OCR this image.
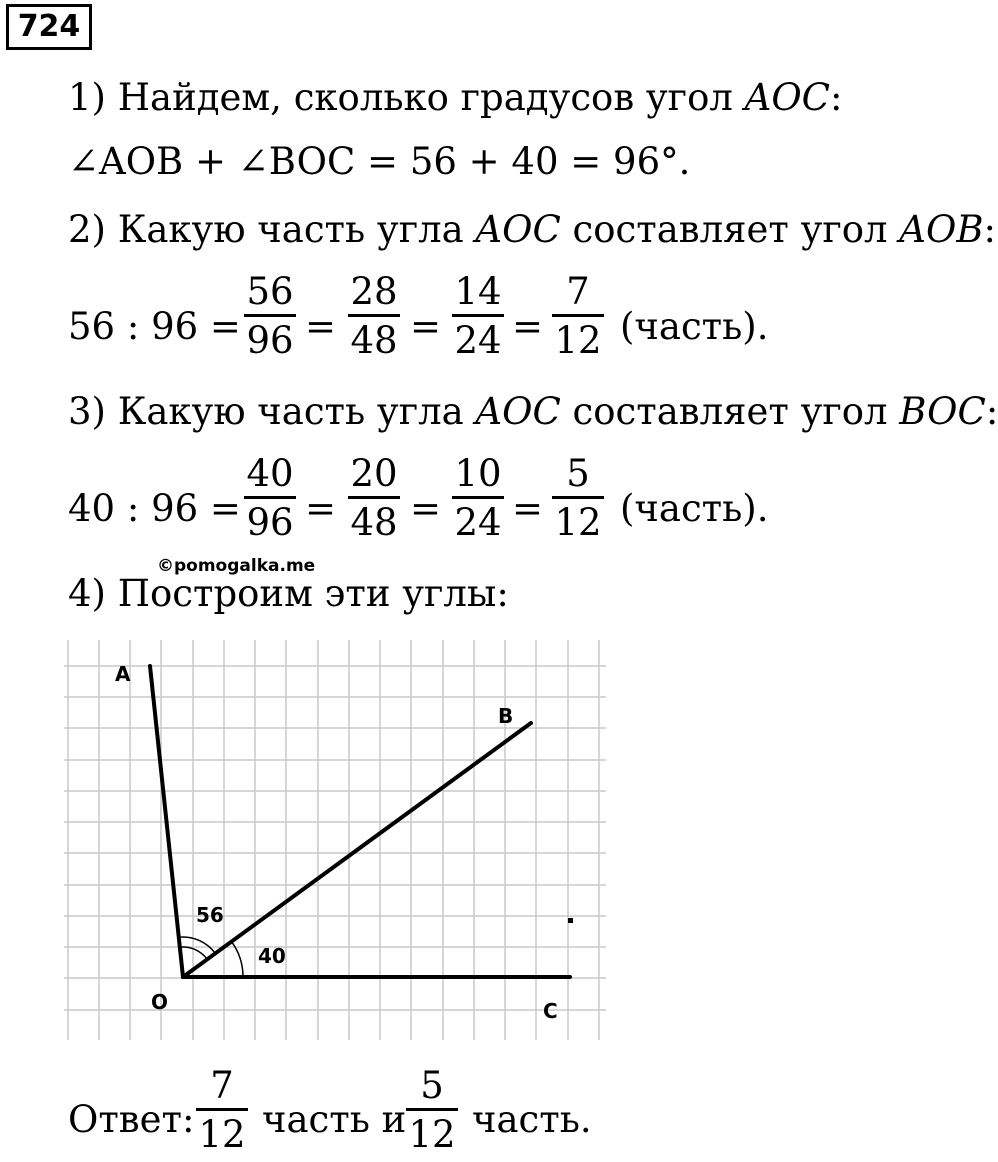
724
1) Найдем, сколько градусов угол AOC:
∠AOB + ∠BOC = 56 + 40 = 96°.
2) Какую часть угла AOC составляет угол AOB:
56 : 96 =
56
96 =
28
48 =
14
24 =
7
12 (часть).
3) Какую часть угла AOC составляет угол BOC:
40 : 96 =
40
96 =
20
48 =
10
24 =
5
12 (часть).
©pomogalka.me
4) Построим эти углы:
A
B
O	C
56
40
Ответ:
7
12 часть и
5
12 часть.
